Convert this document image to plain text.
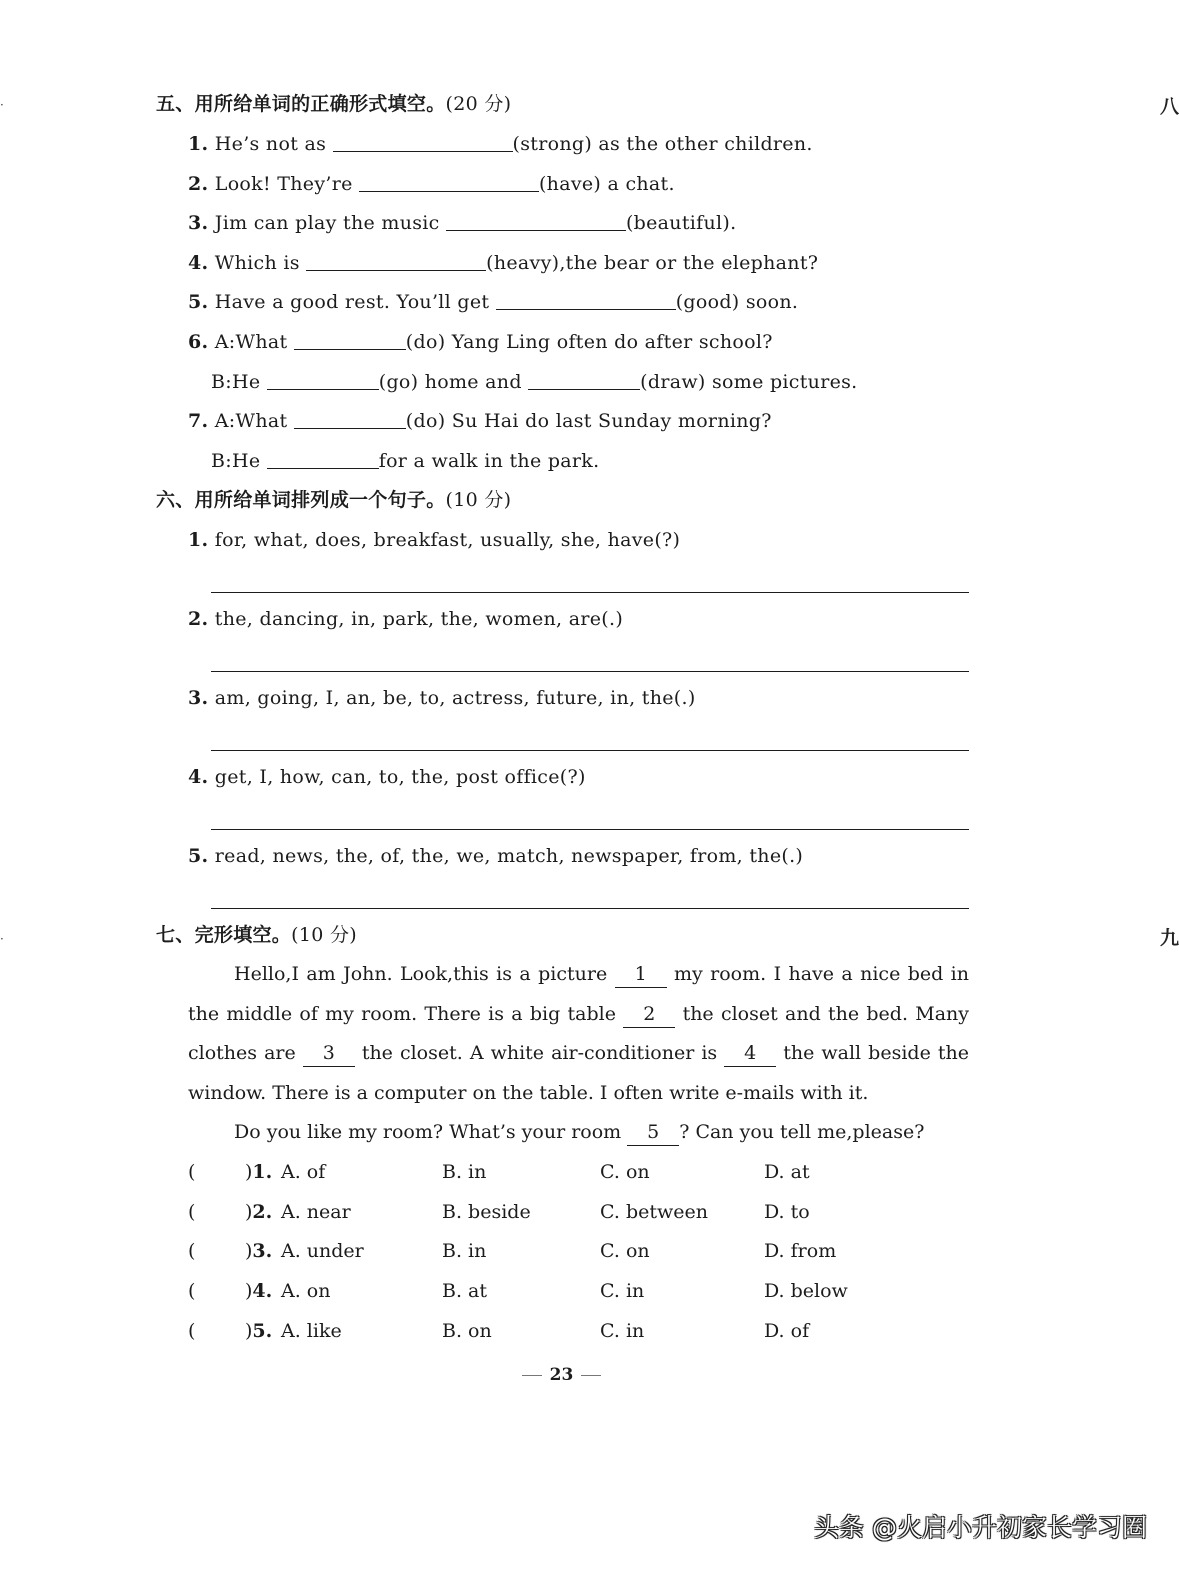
·
·
八
九
五、用所给单词的正确形式填空。(20 分)
1. He’s not as	(strong) as the other children.
2. Look! They’re	(have) a chat.
3. Jim can play the music	(beautiful).
4. Which is	(heavy),the bear or the elephant?
5. Have a good rest. You’ll get	(good) soon.
6. A:What	(do) Yang Ling often do after school?
B:He	(go) home and	(draw) some pictures.
7. A:What	(do) Su Hai do last Sunday morning?
B:He	for a walk in the park.
六、用所给单词排列成一个句子。(10 分)
1. for, what, does, breakfast, usually, she, have(?)
2. the, dancing, in, park, the, women, are(.)
3. am, going, I, an, be, to, actress, future, in, the(.)
4. get, I, how, can, to, the, post office(?)
5. read, news, the, of, the, we, match, newspaper, from, the(.)
七、完形填空。(10 分)

Hello,I am John. Look,this is a picture 1 my room. I have a nice bed in the middle of my room. There is a big table 2 the closet and the bed. Many clothes are 3 the closet. A white air-conditioner is 4 the wall beside the window. There is a computer on the table. I often write e-mails with it.

Do you like my room? What’s your room 5 ? Can you tell me,please?

(	)1. A. of	B. in	C. on	D. at
(	)2. A. near	B. beside	C. between	D. to
(	)3. A. under	B. in	C. on	D. from
(	)4. A. on	B. at	C. in	D. below
(	)5. A. like	B. on	C. in	D. of
23
头条 @火启小升初家长学习圈
